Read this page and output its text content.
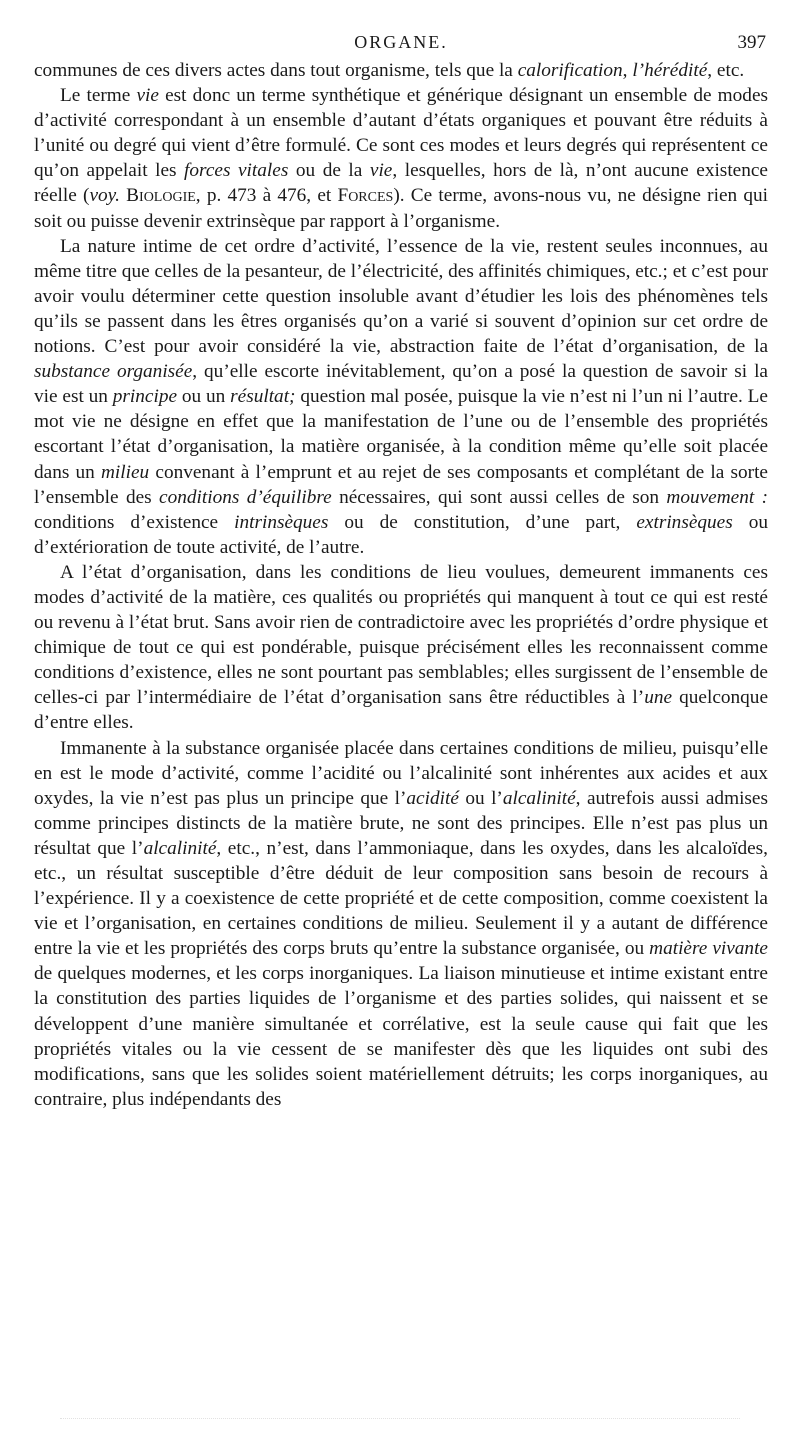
ORGANE.	397

communes de ces divers actes dans tout organisme, tels que la calorification, l’hérédité, etc.

Le terme vie est donc un terme synthétique et générique désignant un ensemble de modes d’activité correspondant à un ensemble d’autant d’états organiques et pouvant être réduits à l’unité ou degré qui vient d’être formulé. Ce sont ces modes et leurs degrés qui représentent ce qu’on appelait les forces vitales ou de la vie, lesquelles, hors de là, n’ont aucune existence réelle (voy. Biologie, p. 473 à 476, et Forces). Ce terme, avons-nous vu, ne désigne rien qui soit ou puisse devenir extrinsèque par rapport à l’organisme.

La nature intime de cet ordre d’activité, l’essence de la vie, restent seules inconnues, au même titre que celles de la pesanteur, de l’électricité, des affinités chimiques, etc.; et c’est pour avoir voulu déterminer cette question insoluble avant d’étudier les lois des phénomènes tels qu’ils se passent dans les êtres organisés qu’on a varié si souvent d’opinion sur cet ordre de notions. C’est pour avoir considéré la vie, abstraction faite de l’état d’organisation, de la substance organisée, qu’elle escorte inévitablement, qu’on a posé la question de savoir si la vie est un principe ou un résultat; question mal posée, puisque la vie n’est ni l’un ni l’autre. Le mot vie ne désigne en effet que la manifestation de l’une ou de l’ensemble des propriétés escortant l’état d’organisation, la matière organisée, à la condition même qu’elle soit placée dans un milieu convenant à l’emprunt et au rejet de ses composants et complétant de la sorte l’ensemble des conditions d’équilibre nécessaires, qui sont aussi celles de son mouvement : conditions d’existence intrinsèques ou de constitution, d’une part, extrinsèques ou d’extérioration de toute activité, de l’autre.

A l’état d’organisation, dans les conditions de lieu voulues, demeurent immanents ces modes d’activité de la matière, ces qualités ou propriétés qui manquent à tout ce qui est resté ou revenu à l’état brut. Sans avoir rien de contradictoire avec les propriétés d’ordre physique et chimique de tout ce qui est pondérable, puisque précisément elles les reconnaissent comme conditions d’existence, elles ne sont pourtant pas semblables; elles surgissent de l’ensemble de celles-ci par l’intermédiaire de l’état d’organisation sans être réductibles à l’une quelconque d’entre elles.

Immanente à la substance organisée placée dans certaines conditions de milieu, puisqu’elle en est le mode d’activité, comme l’acidité ou l’alcalinité sont inhérentes aux acides et aux oxydes, la vie n’est pas plus un principe que l’acidité ou l’alcalinité, autrefois aussi admises comme principes distincts de la matière brute, ne sont des principes. Elle n’est pas plus un résultat que l’alcalinité, etc., n’est, dans l’ammoniaque, dans les oxydes, dans les alcaloïdes, etc., un résultat susceptible d’être déduit de leur composition sans besoin de recours à l’expérience. Il y a coexistence de cette propriété et de cette composition, comme coexistent la vie et l’organisation, en certaines conditions de milieu. Seulement il y a autant de différence entre la vie et les propriétés des corps bruts qu’entre la substance organisée, ou matière vivante de quelques modernes, et les corps inorganiques. La liaison minutieuse et intime existant entre la constitution des parties liquides de l’organisme et des parties solides, qui naissent et se développent d’une manière simultanée et corrélative, est la seule cause qui fait que les propriétés vitales ou la vie cessent de se manifester dès que les liquides ont subi des modifications, sans que les solides soient matériellement détruits; les corps inorganiques, au contraire, plus indépendants des
